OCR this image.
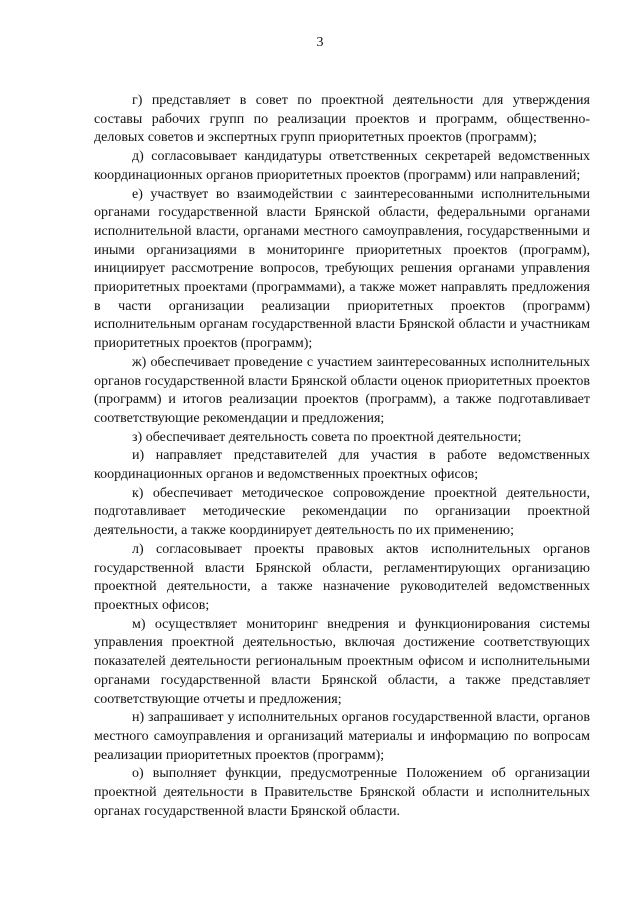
3

г) представляет в совет по проектной деятельности для утверждения составы рабочих групп по реализации проектов и программ, общественно-деловых советов и экспертных групп приоритетных проектов (программ);

д) согласовывает кандидатуры ответственных секретарей ведомственных координационных органов приоритетных проектов (программ) или направлений;

е) участвует во взаимодействии с заинтересованными исполнительными органами государственной власти Брянской области, федеральными органами исполнительной власти, органами местного самоуправления, государственными и иными организациями в мониторинге приоритетных проектов (программ), инициирует рассмотрение вопросов, требующих решения органами управления приоритетных проектами (программами), а также может направлять предложения в части организации реализации приоритетных проектов (программ) исполнительным органам государственной власти Брянской области и участникам приоритетных проектов (программ);

ж) обеспечивает проведение с участием заинтересованных исполнительных органов государственной власти Брянской области оценок приоритетных проектов (программ) и итогов реализации проектов (программ), а также подготавливает соответствующие рекомендации и предложения;

з) обеспечивает деятельность совета по проектной деятельности;

и) направляет представителей для участия в работе ведомственных координационных органов и ведомственных проектных офисов;

к) обеспечивает методическое сопровождение проектной деятельности, подготавливает методические рекомендации по организации проектной деятельности, а также координирует деятельность по их применению;

л) согласовывает проекты правовых актов исполнительных органов государственной власти Брянской области, регламентирующих организацию проектной деятельности, а также назначение руководителей ведомственных проектных офисов;

м) осуществляет мониторинг внедрения и функционирования системы управления проектной деятельностью, включая достижение соответствующих показателей деятельности региональным проектным офисом и исполнительными органами государственной власти Брянской области, а также представляет соответствующие отчеты и предложения;

н) запрашивает у исполнительных органов государственной власти, органов местного самоуправления и организаций материалы и информацию по вопросам реализации приоритетных проектов (программ);

о) выполняет функции, предусмотренные Положением об организации проектной деятельности в Правительстве Брянской области и исполнительных органах государственной власти Брянской области.
